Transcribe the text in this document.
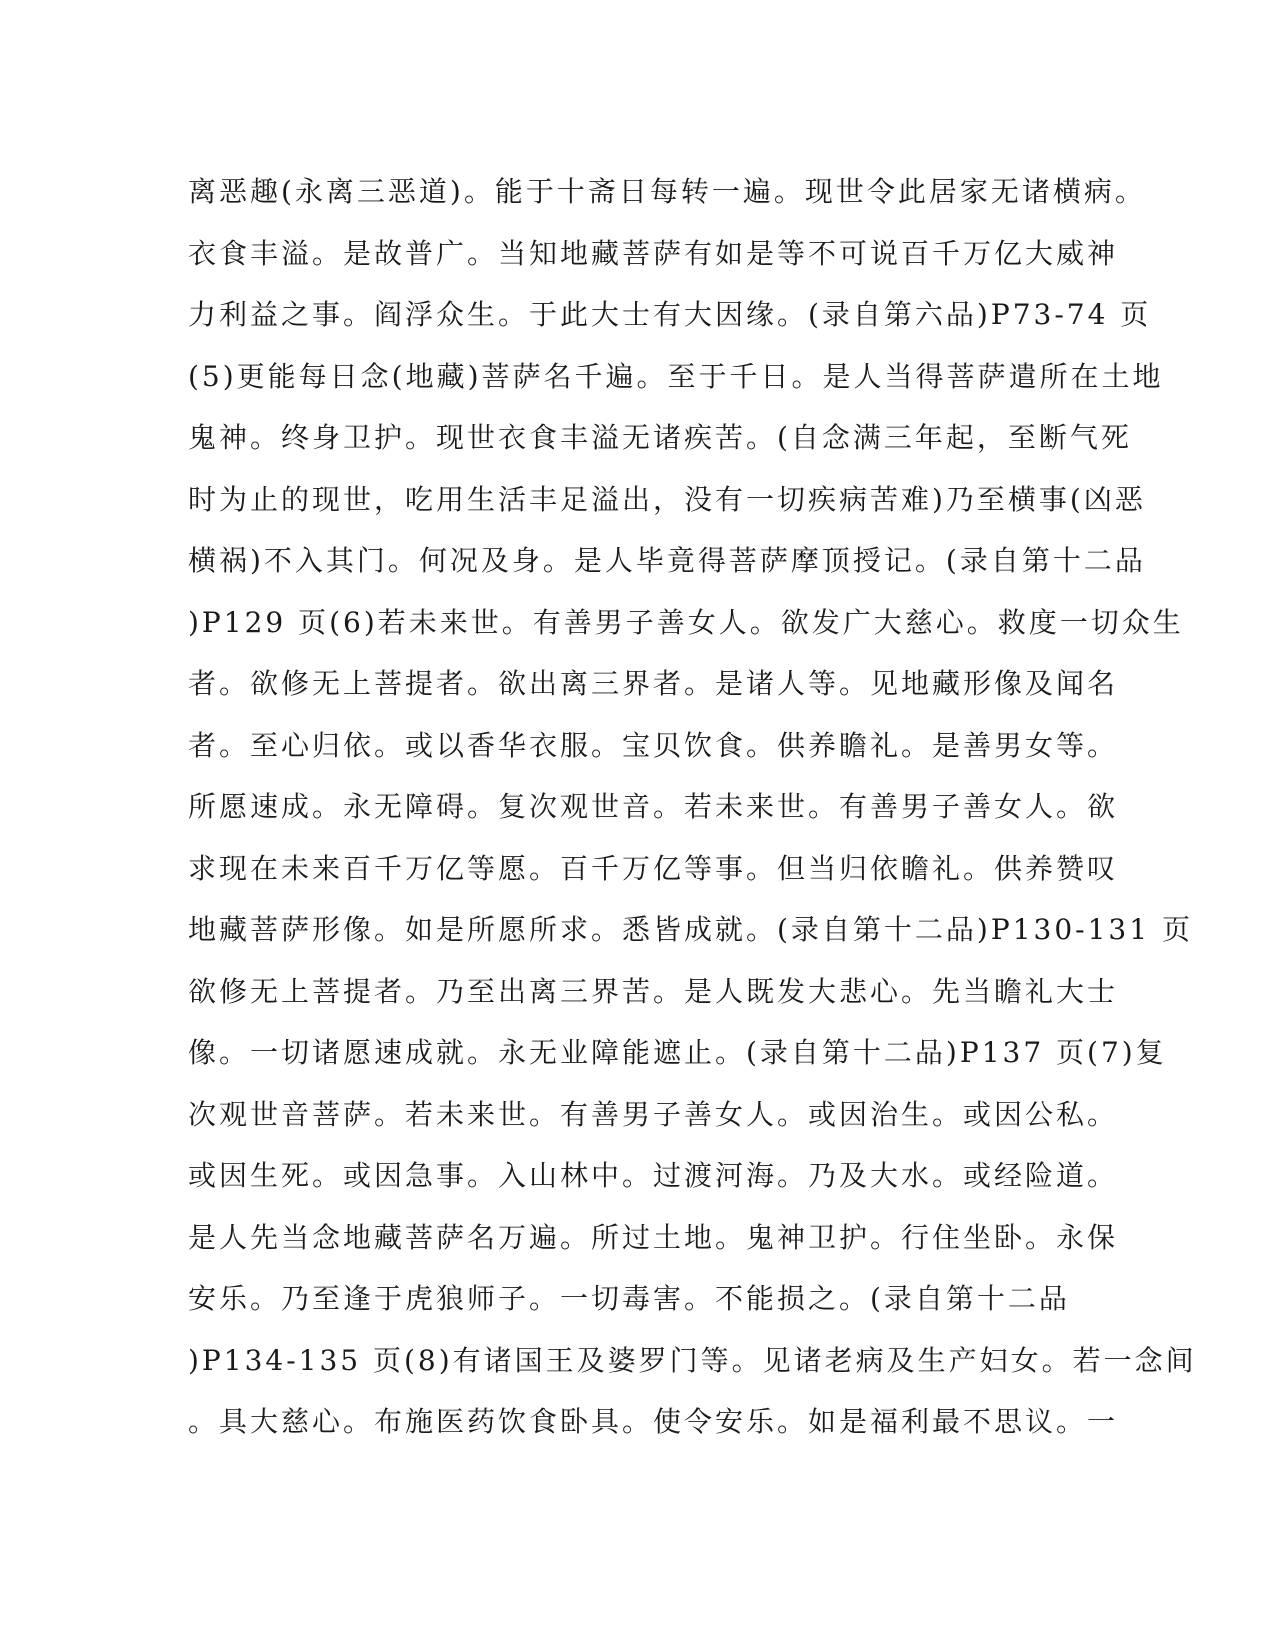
离恶趣(永离三恶道)。能于十斋日每转一遍。现世令此居家无诸横病。
衣食丰溢。是故普广。当知地藏菩萨有如是等不可说百千万亿大威神
力利益之事。阎浮众生。于此大士有大因缘。(录自第六品)P73-74 页
(5)更能每日念(地藏)菩萨名千遍。至于千日。是人当得菩萨遣所在土地
鬼神。终身卫护。现世衣食丰溢无诸疾苦。(自念满三年起，至断气死
时为止的现世，吃用生活丰足溢出，没有一切疾病苦难)乃至横事(凶恶
横祸)不入其门。何况及身。是人毕竟得菩萨摩顶授记。(录自第十二品
)P129 页(6)若未来世。有善男子善女人。欲发广大慈心。救度一切众生
者。欲修无上菩提者。欲出离三界者。是诸人等。见地藏形像及闻名
者。至心归依。或以香华衣服。宝贝饮食。供养瞻礼。是善男女等。
所愿速成。永无障碍。复次观世音。若未来世。有善男子善女人。欲
求现在未来百千万亿等愿。百千万亿等事。但当归依瞻礼。供养赞叹
地藏菩萨形像。如是所愿所求。悉皆成就。(录自第十二品)P130-131 页
欲修无上菩提者。乃至出离三界苦。是人既发大悲心。先当瞻礼大士
像。一切诸愿速成就。永无业障能遮止。(录自第十二品)P137 页(7)复
次观世音菩萨。若未来世。有善男子善女人。或因治生。或因公私。
或因生死。或因急事。入山林中。过渡河海。乃及大水。或经险道。
是人先当念地藏菩萨名万遍。所过土地。鬼神卫护。行住坐卧。永保
安乐。乃至逢于虎狼师子。一切毒害。不能损之。(录自第十二品
)P134-135 页(8)有诸国王及婆罗门等。见诸老病及生产妇女。若一念间
。具大慈心。布施医药饮食卧具。使令安乐。如是福利最不思议。一
